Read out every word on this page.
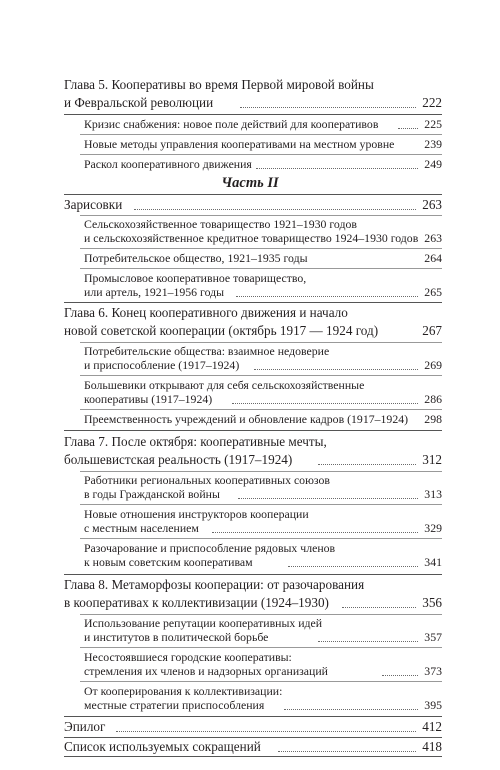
Глава 5. Кооперативы во время Первой мировой войны
и Февральской революции	222
Кризис снабжения: новое поле действий для кооперативов	225
Новые методы управления кооперативами на местном уровне	239
Раскол кооперативного движения	249
Часть II
Зарисовки	263
Сельскохозяйственное товарищество 1921–1930 годов
и сельскохозяйственное кредитное товарищество 1924–1930 годов 263
Потребительское общество, 1921–1935 годы	264
Промысловое кооперативное товарищество,
или артель, 1921–1956 годы	265
Глава 6. Конец кооперативного движения и начало
новой советской кооперации (октябрь 1917 — 1924 год)	267
Потребительские общества: взаимное недоверие
и приспособление (1917–1924)	269
Большевики открывают для себя сельскохозяйственные
кооперативы (1917–1924)	286
Преемственность учреждений и обновление кадров (1917–1924)	298
Глава 7. После октября: кооперативные мечты,
большевистская реальность (1917–1924)	312
Работники региональных кооперативных союзов
в годы Гражданской войны	313
Новые отношения инструкторов кооперации
с местным населением	329
Разочарование и приспособление рядовых членов
к новым советским кооперативам	341
Глава 8. Метаморфозы кооперации: от разочарования
в кооперативах к коллективизации (1924–1930)	356
Использование репутации кооперативных идей
и институтов в политической борьбе	357
Несостоявшиеся городские кооперативы:
стремления их членов и надзорных организаций	373
От кооперирования к коллективизации:
местные стратегии приспособления	395
Эпилог	412
Список используемых сокращений	418
